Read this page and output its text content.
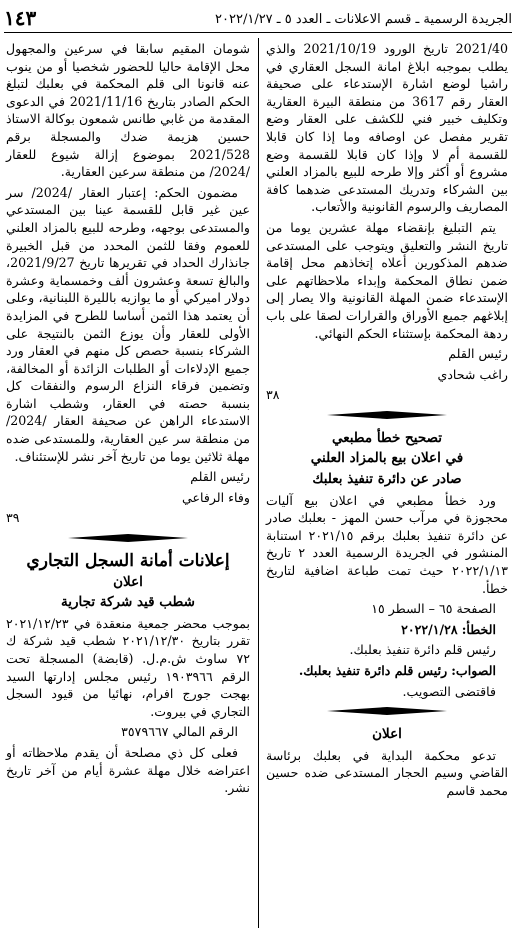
١٤٣	الجريدة الرسمية ـ قسم الاعلانات ـ العدد ٥ ـ ٢٠٢٢/١/٢٧

2021/40 تاريخ الورود 2021/10/19 والذي يطلب بموجبه ابلاغ امانة السجل العقاري في راشيا لوضع اشارة الإستدعاء على صحيفة العقار رقم 3617 من منطقة البيرة العقارية وتكليف خبير فني للكشف على العقار وضع تقرير مفصل عن اوصافه وما إذا كان قابلا للقسمة أم لا وإذا كان قابلا للقسمة وضع مشروع أو أكثر وإلا طرحه للبيع بالمزاد العلني بين الشركاء وتدريك المستدعى ضدهما كافة المصاريف والرسوم القانونية والأتعاب.

يتم التبليغ بإنقضاء مهلة عشرين يوما من تاريخ النشر والتعليق ويتوجب على المستدعى ضدهم المذكورين أعلاه إتخاذهم محل إقامة ضمن نطاق المحكمة وإبداء ملاحظاتهم على الإستدعاء ضمن المهلة القانونية والا يصار إلى إبلاغهم جميع الأوراق والقرارات لصقا على باب ردهة المحكمة بإستثناء الحكم النهائي.

رئيس القلم

راغب شحادي

٣٨

تصحيح خطأ مطبعي

في اعلان بيع بالمزاد العلني

صادر عن دائرة تنفيذ بعلبك

ورد خطأ مطبعي في اعلان بيع آليات محجوزة في مرآب حسن المهز - بعلبك صادر عن دائرة تنفيذ بعلبك برقم ٢٠٢١/١٥ استنابة المنشور في الجريدة الرسمية العدد ٢ تاريخ ٢٠٢٢/١/١٣ حيث تمت طباعة اضافية لتاريخ خطأ.

الصفحة ٦٥ – السطر ١٥

الخطأ: ٢٠٢٢/١/٢٨

رئيس قلم دائرة تنفيذ بعلبك.

الصواب: رئيس قلم دائرة تنفيذ بعلبك.

فاقتضى التصويب.

اعلان

تدعو محكمة البداية في بعلبك برئاسة القاضي وسيم الحجار المستدعى ضده حسين محمد قاسم

شومان المقيم سابقا في سرعين والمجهول محل الإقامة حاليا للحضور شخصيا أو من ينوب عنه قانونا الى قلم المحكمة في بعلبك لتبلغ الحكم الصادر بتاريخ 2021/11/16 في الدعوى المقدمة من غابي طانس شمعون بوكالة الاستاذ حسين هزيمة ضدك والمسجلة برقم 2021/528 بموضوع إزالة شيوع للعقار /2024/ من منطقة سرعين العقارية.

مضمون الحكم: إعتبار العقار /2024/ سر عين غير قابل للقسمة عينا بين المستدعي والمستدعى بوجهه، وطرحه للبيع بالمزاد العلني للعموم وفقا للثمن المحدد من قبل الخبيرة جانذارك الحداد في تقريرها تاريخ 2021/9/27، والبالغ تسعة وعشرون ألف وخمسماية وعشرة دولار اميركي أو ما يوازيه بالليرة اللبنانية، وعلى أن يعتمد هذا الثمن أساسا للطرح في المزايدة الأولى للعقار وأن يوزع الثمن بالنتيجة على الشركاء بنسبة حصص كل منهم في العقار ورد جميع الإدلاءات أو الطلبات الزائدة أو المخالفة، وتضمين فرقاء النزاع الرسوم والنفقات كل بنسبة حصته في العقار، وشطب اشارة الاستدعاء الراهن عن صحيفة العقار /2024/ من منطقة سر عين العقارية، وللمستدعى ضده مهلة ثلاثين يوما من تاريخ آخر نشر للإستئناف.

رئيس القلم

وفاء الرفاعي

٣٩

إعلانات أمانة السجل التجاري

اعلان

شطب قيد شركة تجارية

بموجب محضر جمعية منعقدة في ٢٠٢١/١٢/٢٣ تقرر بتاريخ ٢٠٢١/١٢/٣٠ شطب قيد شركة ك ٧٢ ساوث ش.م.ل. (قابضة) المسجلة تحت الرقم ١٩٠٣٩٦٦ رئيس مجلس إدارتها السيد بهجت جورج افرام، نهائيا من قيود السجل التجاري في بيروت.

الرقم المالي ٣٥٧٩٦٦٧

فعلى كل ذي مصلحة أن يقدم ملاحظاته أو اعتراضه خلال مهلة عشرة أيام من آخر تاريخ نشر.
